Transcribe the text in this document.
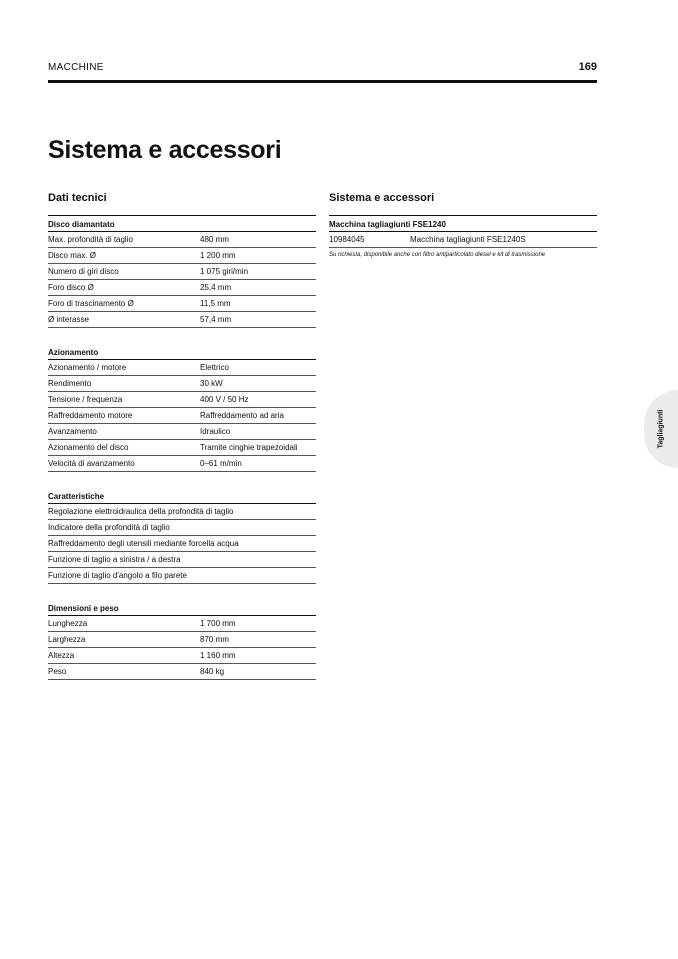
MACCHINE	169
Sistema e accessori
Dati tecnici
Disco diamantato
Max. profondità di taglio	480 mm
Disco max. Ø	1 200 mm
Numero di giri disco	1 075 giri/min
Foro disco Ø	25,4 mm
Foro di trascinamento Ø	11,5 mm
Ø interasse	57,4 mm
Azionamento
Azionamento / motore	Elettrico
Rendimento	30 kW
Tensione / frequenza	400 V / 50 Hz
Raffreddamento motore	Raffreddamento ad aria
Avanzamento	Idraulico
Azionamento del disco	Tramite cinghie trapezoidali
Velocità di avanzamento	0–61 m/min
Caratteristiche
Regolazione elettroidraulica della profondità di taglio
Indicatore della profondità di taglio
Raffreddamento degli utensili mediante forcella acqua
Funzione di taglio a sinistra / a destra
Funzione di taglio d'angolo a filo parete
Dimensioni e peso
Lunghezza	1 700 mm
Larghezza	870 mm
Altezza	1 160 mm
Peso	840 kg
Sistema e accessori
Macchina tagliagiunti FSE1240
10984045	Macchina tagliagiunti FSE1240S
Su richiesta, disponibile anche con filtro antiparticolato diesel e kit di trasmissione
Tagliagiunti
